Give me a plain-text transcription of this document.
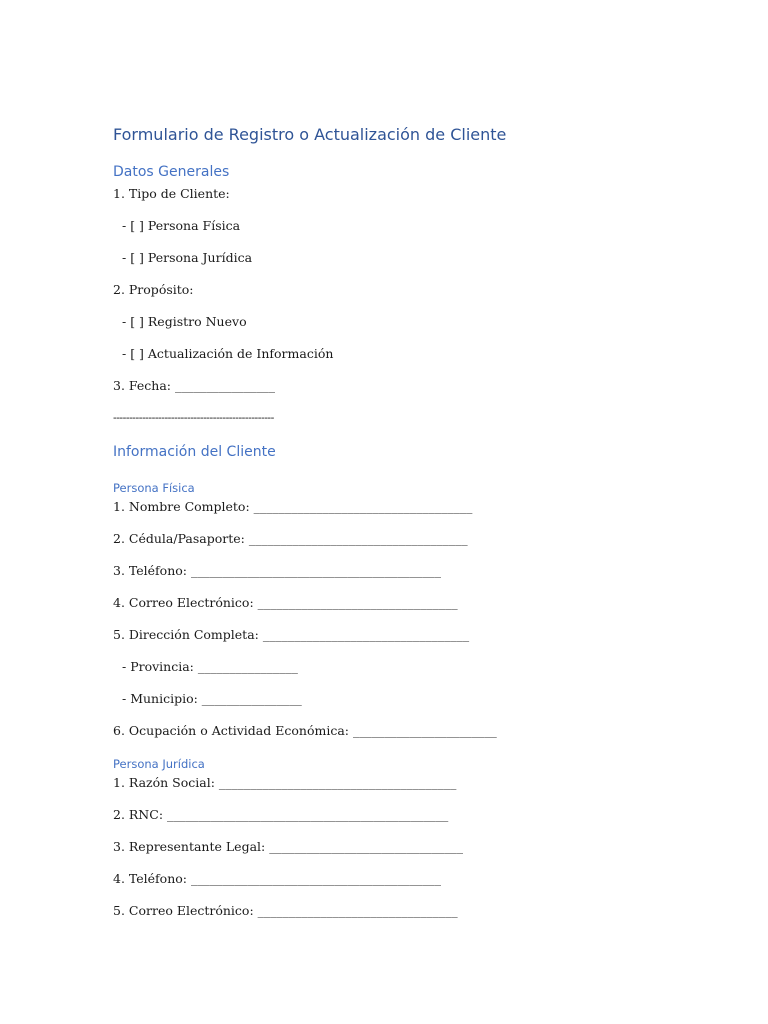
Formulario de Registro o Actualización de Cliente
Datos Generales
1. Tipo de Cliente:
- [ ] Persona Física
- [ ] Persona Jurídica
2. Propósito:
- [ ] Registro Nuevo
- [ ] Actualización de Información
3. Fecha: ________________
--------------------------------------------------
Información del Cliente
Persona Física
1. Nombre Completo: ___________________________________
2. Cédula/Pasaporte: ___________________________________
3. Teléfono: ________________________________________
4. Correo Electrónico: ________________________________
5. Dirección Completa: _________________________________
- Provincia: ________________
- Municipio: ________________
6. Ocupación o Actividad Económica: _______________________
Persona Jurídica
1. Razón Social: ______________________________________
2. RNC: _____________________________________________
3. Representante Legal: _______________________________
4. Teléfono: ________________________________________
5. Correo Electrónico: ________________________________
